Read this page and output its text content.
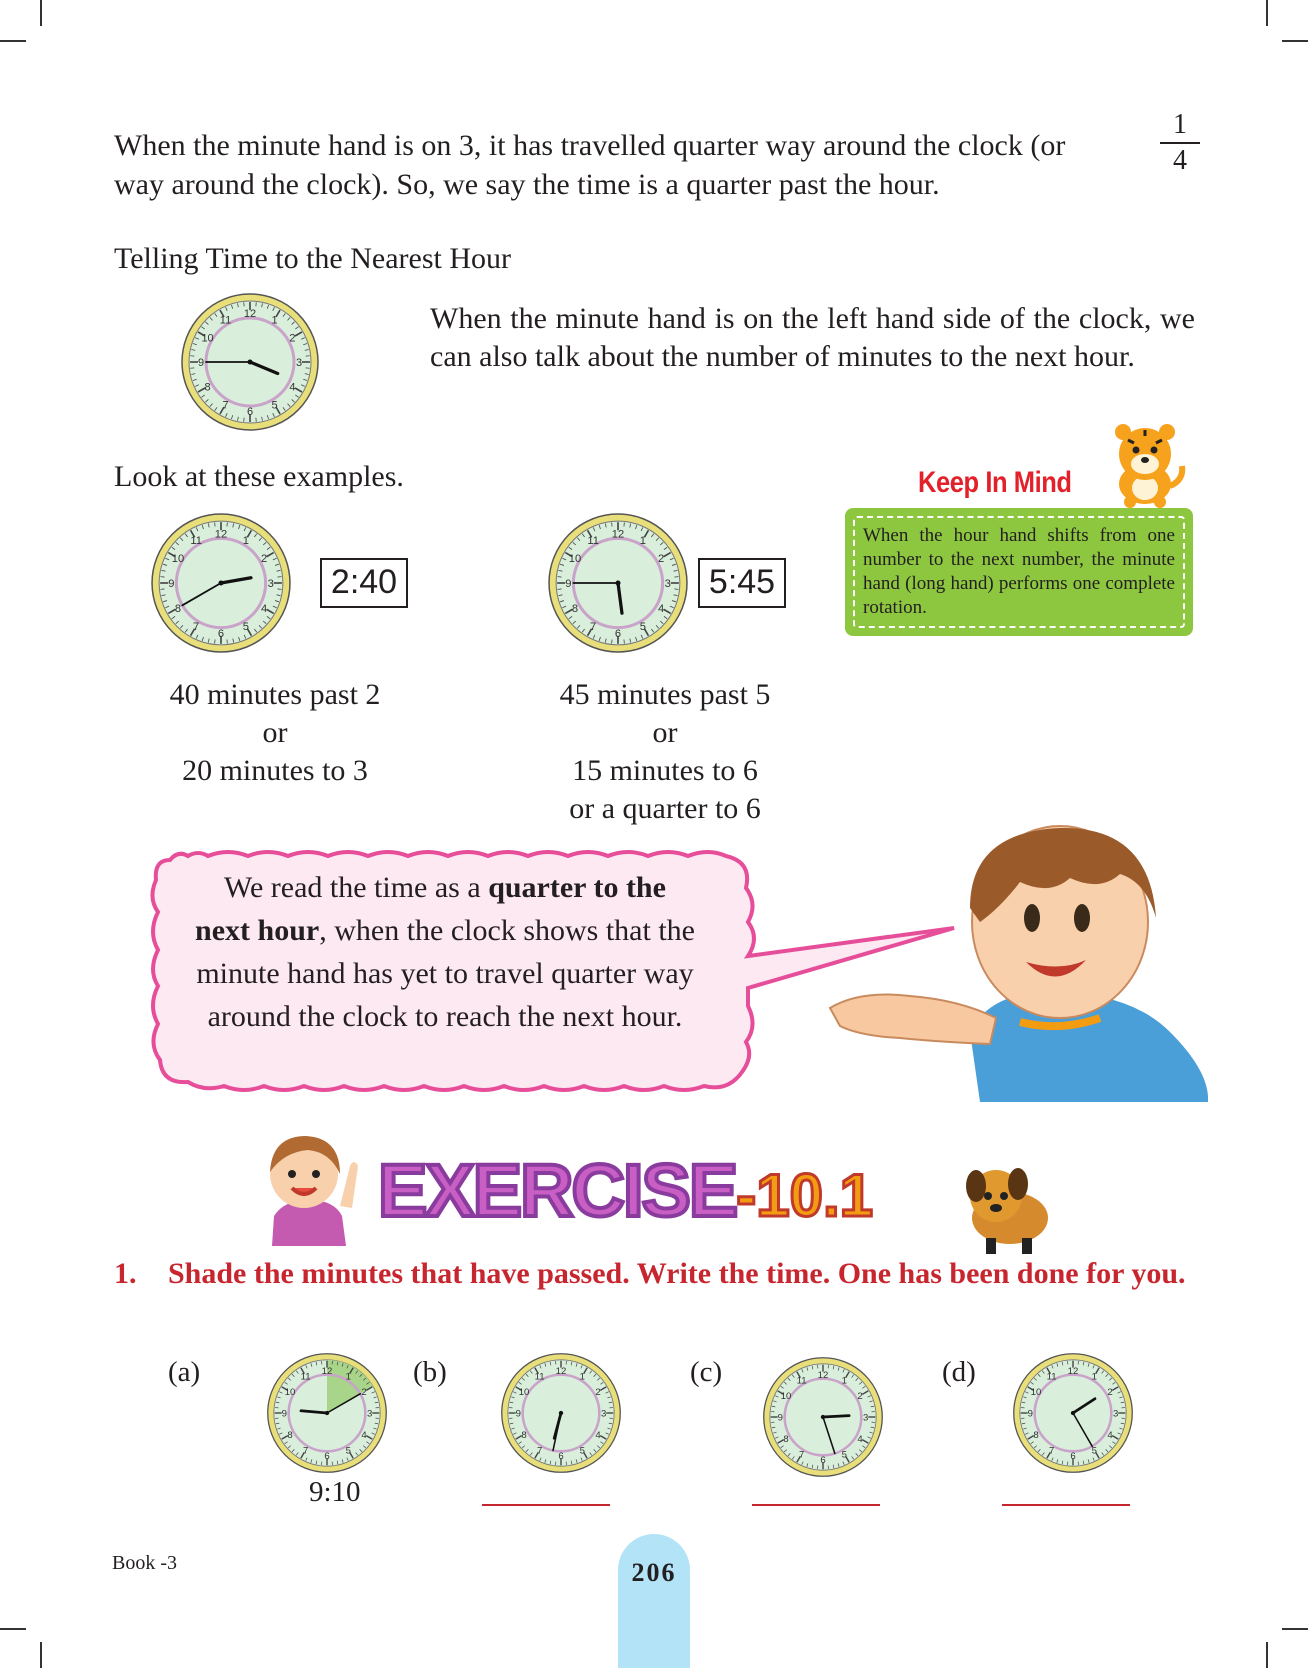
When the minute hand is on 3, it has travelled quarter way around the clock (or	$\frac{1}{4}$
way around the clock). So, we say the time is a quarter past the hour.
Telling Time to the Nearest Hour
12
1
2
3
4
5
6
7
8
9
10
11	When the minute hand is on the left hand side of the clock, we can also talk about the number of minutes to the next hour.
Keep In Mind
When the hour hand shifts from one number to the next number, the minute hand (long hand) performs one complete rotation.
Look at these examples.
12
1
2
3
4
5
6
7
8
9
10
11
2:40
12
1
2
3
4
5
6
7
8
9
10
11
5:45
40 minutes past 2
or
20 minutes to 3
45 minutes past 5
or
15 minutes to 6
or a quarter to 6
We read the time as a quarter to the next hour, when the clock shows that the minute hand has yet to travel quarter way around the clock to reach the next hour.
EXERCISE-10.1
1. Shade the minutes that have passed. Write the time. One has been done for you.
(a)	12
1
2
3
4
5
6
7
8
9
10
11
9:10
(b)	12
1
2
3
4
5
6
7
8
9
10
11	(c)	12
1
2
3
4
5
6
7
8
9
10
11	(d)	12
1
2
3
4
5
6
7
8
9
10
11
Book -3	206
